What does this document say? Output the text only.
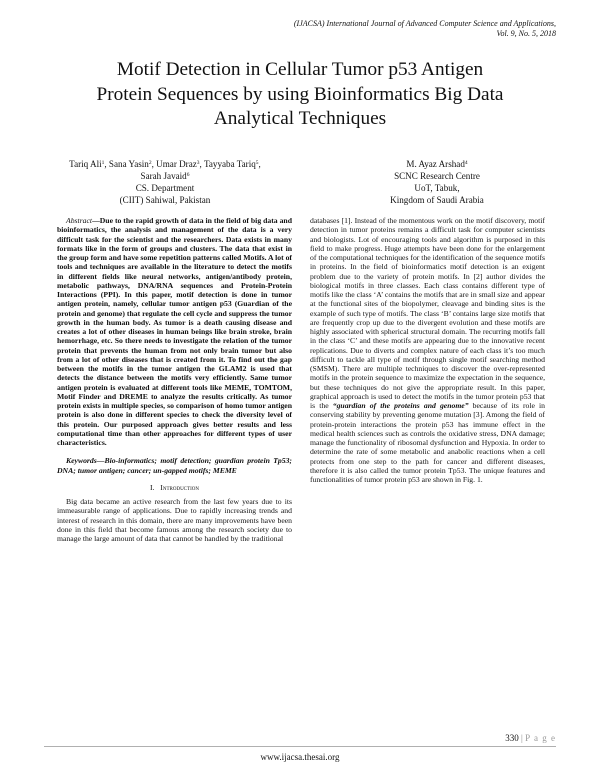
(IJACSA) International Journal of Advanced Computer Science and Applications,
Vol. 9, No. 5, 2018
Motif Detection in Cellular Tumor p53 Antigen
Protein Sequences by using Bioinformatics Big Data
Analytical Techniques
Tariq Ali$^1$, Sana Yasin$^2$, Umar Draz$^3$, Tayyaba Tariq$^5$,
Sarah Javaid$^6$
CS. Department
(CIIT) Sahiwal, Pakistan
M. Ayaz Arshad$^4$
SCNC Research Centre
UoT, Tabuk,
Kingdom of Saudi Arabia

Abstract—Due to the rapid growth of data in the field of big data and bioinformatics, the analysis and management of the data is a very difficult task for the scientist and the researchers. Data exists in many formats like in the form of groups and clusters. The data that exist in the group form and have some repetition patterns called Motifs. A lot of tools and techniques are available in the literature to detect the motifs in different fields like neural networks, antigen/antibody protein, metabolic pathways, DNA/RNA sequences and Protein-Protein Interactions (PPI). In this paper, motif detection is done in tumor antigen protein, namely, cellular tumor antigen p53 (Guardian of the protein and genome) that regulate the cell cycle and suppress the tumor growth in the human body. As tumor is a death causing disease and creates a lot of other diseases in human beings like brain stroke, brain hemorrhage, etc. So there needs to investigate the relation of the tumor protein that prevents the human from not only brain tumor but also from a lot of other diseases that is created from it. To find out the gap between the motifs in the tumor antigen the GLAM2 is used that detects the distance between the motifs very efficiently. Same tumor antigen protein is evaluated at different tools like MEME, TOMTOM, Motif Finder and DREME to analyze the results critically. As tumor protein exists in multiple species, so comparison of homo tumor antigen protein is also done in different species to check the diversity level of this protein. Our purposed approach gives better results and less computational time than other approaches for different types of user characteristics.

Keywords—Bio-informatics; motif detection; guardian protein Tp53; DNA; tumor antigen; cancer; un-gapped motifs; MEME

I. Introduction

Big data became an active research from the last few years due to its immeasurable range of applications. Due to rapidly increasing trends and interest of research in this domain, there are many improvements have been done in this field that become famous among the research society due to manage the large amount of data that cannot be handled by the traditional

databases [1]. Instead of the momentous work on the motif discovery, motif detection in tumor proteins remains a difficult task for computer scientists and biologists. Lot of encouraging tools and algorithm is purposed in this field to make progress. Huge attempts have been done for the enlargement of the computational techniques for the identification of the sequence motifs in proteins. In the field of bioinformatics motif detection is an exigent problem due to the variety of protein motifs. In [2] author divides the biological motifs in three classes. Each class contains different type of motifs like the class ‘A’ contains the motifs that are in small size and appear at the functional sites of the biopolymer, cleavage and binding sites is the example of such type of motifs. The class ‘B’ contains large size motifs that are frequently crop up due to the divergent evolution and these motifs are highly associated with spherical structural domain. The recurring motifs fall in the class ‘C’ and these motifs are appearing due to the innovative recent replications. Due to diverts and complex nature of each class it’s too much difficult to tackle all type of motif through single motif searching method (SMSM). There are multiple techniques to discover the over-represented motifs in the protein sequence to maximize the expectation in the sequence, but these techniques do not give the appropriate result. In this paper, graphical approach is used to detect the motifs in the tumor protein p53 that is the “guardian of the proteins and genome” because of its role in conserving stability by preventing genome mutation [3]. Among the field of protein-protein interactions the protein p53 has immune effect in the medical health sciences such as controls the oxidative stress, DNA damage; manage the functionality of ribosomal dysfunction and Hypoxia. In order to determine the rate of some metabolic and anabolic reactions when a cell protects from one step to the path for cancer and different diseases, therefore it is also called the tumor protein Tp53. The unique features and functionalities of tumor protein p53 are shown in Fig. 1.

330 | P a g e
www.ijacsa.thesai.org
